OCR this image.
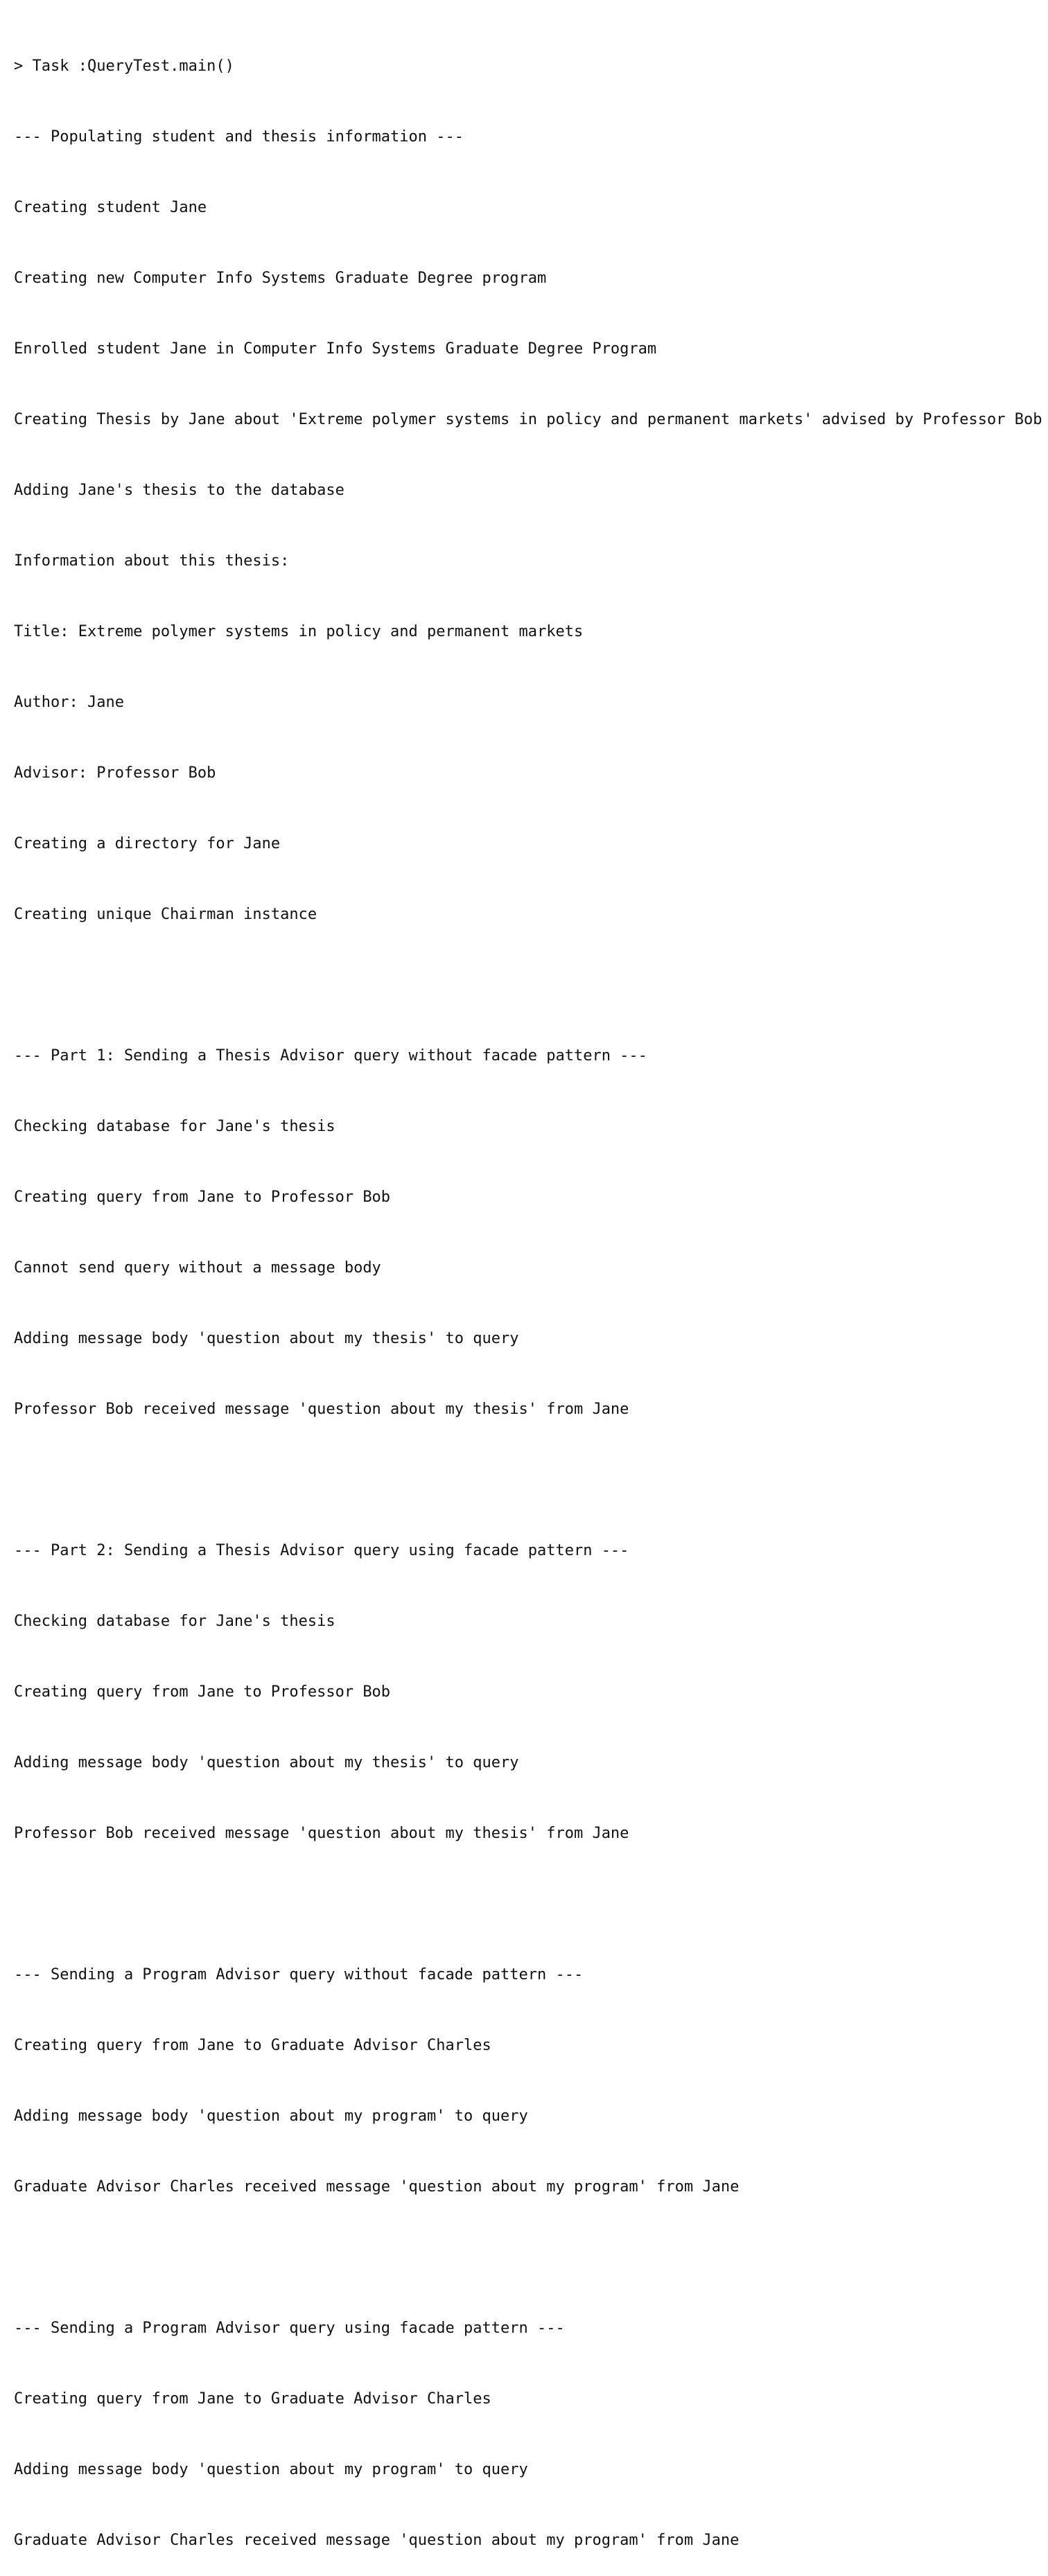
> Task :QueryTest.main()

--- Populating student and thesis information ---

Creating student Jane

Creating new Computer Info Systems Graduate Degree program

Enrolled student Jane in Computer Info Systems Graduate Degree Program

Creating Thesis by Jane about 'Extreme polymer systems in policy and permanent markets' advised by Professor Bob

Adding Jane's thesis to the database

Information about this thesis:

Title: Extreme polymer systems in policy and permanent markets

Author: Jane

Advisor: Professor Bob

Creating a directory for Jane

Creating unique Chairman instance

--- Part 1: Sending a Thesis Advisor query without facade pattern ---

Checking database for Jane's thesis

Creating query from Jane to Professor Bob

Cannot send query without a message body

Adding message body 'question about my thesis' to query

Professor Bob received message 'question about my thesis' from Jane

--- Part 2: Sending a Thesis Advisor query using facade pattern ---

Checking database for Jane's thesis

Creating query from Jane to Professor Bob

Adding message body 'question about my thesis' to query

Professor Bob received message 'question about my thesis' from Jane

--- Sending a Program Advisor query without facade pattern ---

Creating query from Jane to Graduate Advisor Charles

Adding message body 'question about my program' to query

Graduate Advisor Charles received message 'question about my program' from Jane

--- Sending a Program Advisor query using facade pattern ---

Creating query from Jane to Graduate Advisor Charles

Adding message body 'question about my program' to query

Graduate Advisor Charles received message 'question about my program' from Jane
